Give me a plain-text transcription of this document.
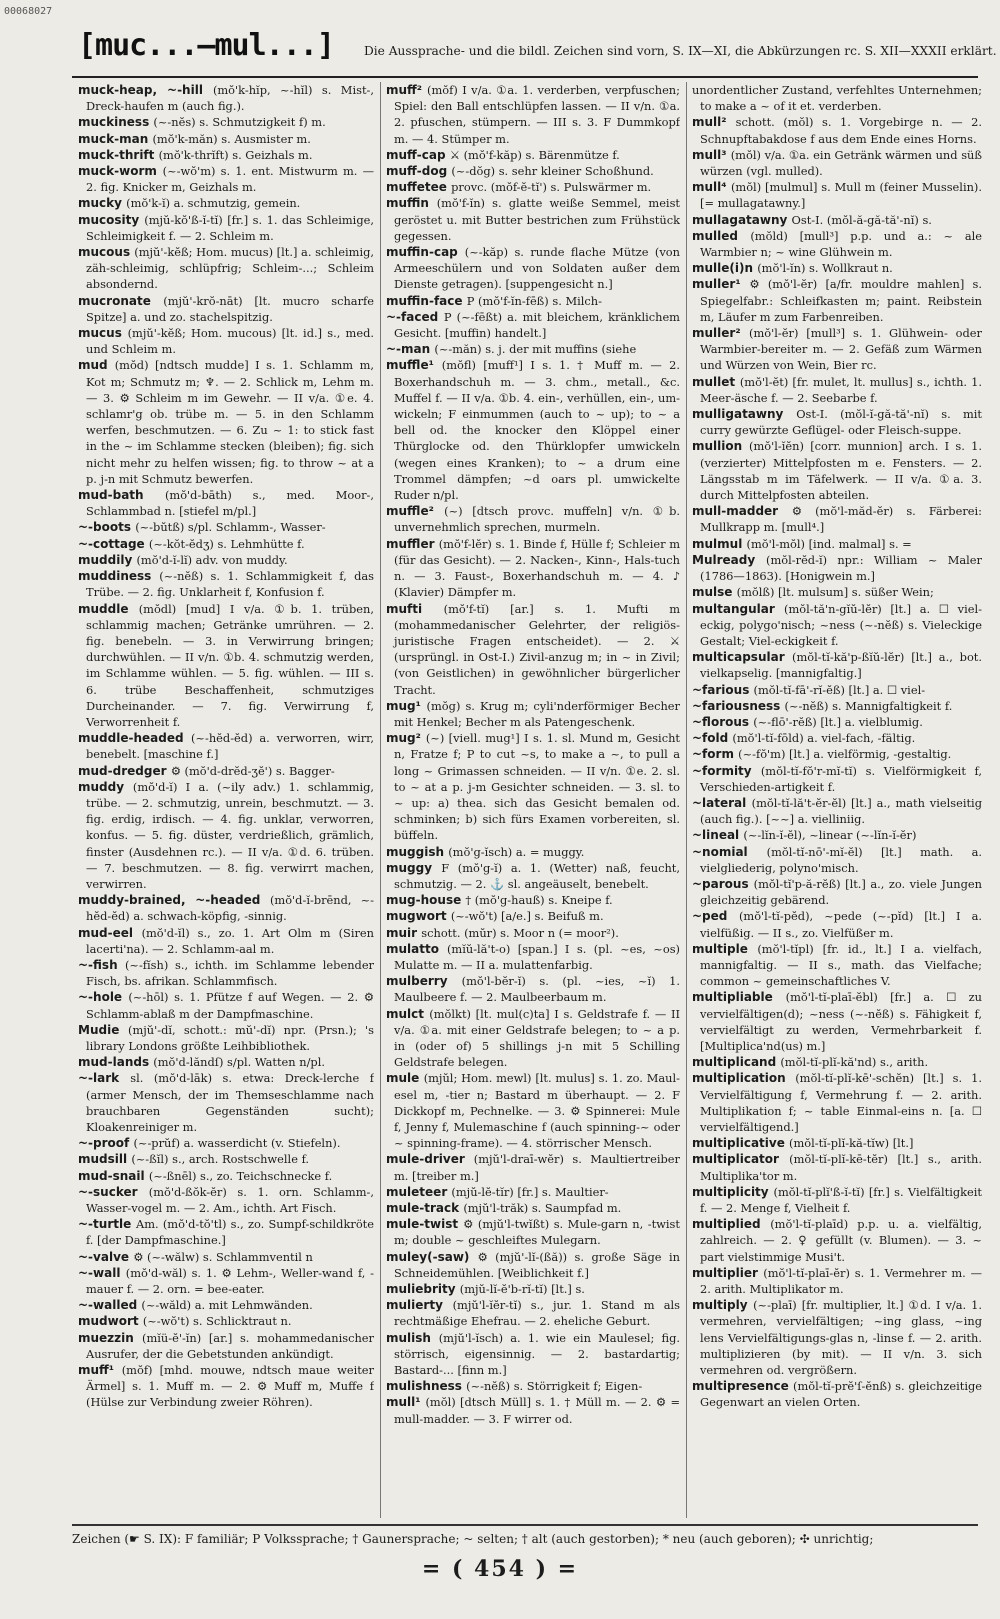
00068027
[muc...—mul...] Die Aussprache- und die bildl. Zeichen sind vorn, S. IX—XI, die Abkürzungen rc. S. XII—XXXII erklärt.

muck-heap, ~-hill (mŏ'k-hĭp, ~-hĭl) s. Mist-, Dreck-haufen m (auch fig.).

muckiness (~-nĕs) s. Schmutzigkeit f) m.

muck-man (mŏ'k-măn) s. Ausmister m.

muck-thrift (mŏ'k-thrĭft) s. Geizhals m.

muck-worm (~-wŏ'm) s. 1. ent. Mistwurm m. — 2. fig. Knicker m, Geizhals m.

mucky (mŏ'k-ĭ) a. schmutzig, gemein.

mucosity (mjŭ-kŏ'ß-ĭ-tĭ) [fr.] s. 1. das Schleimige, Schleimigkeit f. — 2. Schleim m.

mucous (mjŭ'-kĕß; Hom. mucus) [lt.] a. schleimig, zäh-schleimig, schlüpfrig; Schleim-...; Schleim absondernd.

mucronate (mjŭ'-krŏ-nāt) [lt. mucro scharfe Spitze] a. und zo. stachelspitzig.

mucus (mjŭ'-kĕß; Hom. mucous) [lt. id.] s., med. und Schleim m.

mud (mŏd) [ndtsch mudde] I s. 1. Schlamm m, Kot m; Schmutz m; ♆. — 2. Schlick m, Lehm m. — 3. ⚙ Schleim m im Gewehr. — II v/a. ①e. 4. schlamr'g ob. trübe m. — 5. in den Schlamm werfen, beschmutzen. — 6. Zu ~ 1: to stick fast in the ~ im Schlamme stecken (bleiben); fig. sich nicht mehr zu helfen wissen; fig. to throw ~ at a p. j-n mit Schmutz bewerfen.

mud-bath (mŏ'd-bāth) s., med. Moor-, Schlammbad n. [stiefel m/pl.]

~-boots (~-bŭtß) s/pl. Schlamm-, Wasser-

~-cottage (~-kŏt-ĕdʒ) s. Lehmhütte f.

muddily (mŏ'd-ĭ-lĭ) adv. von muddy.

muddiness (~-nĕß) s. 1. Schlammigkeit f, das Trübe. — 2. fig. Unklarheit f, Konfusion f.

muddle (mŏdl) [mud] I v/a. ①b. 1. trüben, schlammig machen; Getränke umrühren. — 2. fig. benebeln. — 3. in Verwirrung bringen; durchwühlen. — II v/n. ①b. 4. schmutzig werden, im Schlamme wühlen. — 5. fig. wühlen. — III s. 6. trübe Beschaffenheit, schmutziges Durcheinander. — 7. fig. Verwirrung f, Verworrenheit f.

muddle-headed (~-hĕd-ĕd) a. verworren, wirr, benebelt. [maschine f.]

mud-dredger ⚙ (mŏ'd-drĕd-ʒĕ') s. Bagger-

muddy (mŏ'd-ĭ) I a. (~ily adv.) 1. schlammig, trübe. — 2. schmutzig, unrein, beschmutzt. — 3. fig. erdig, irdisch. — 4. fig. unklar, verworren, konfus. — 5. fig. düster, verdrießlich, grämlich, finster (Ausdehnen rc.). — II v/a. ①d. 6. trüben. — 7. beschmutzen. — 8. fig. verwirrt machen, verwirren.

muddy-brained, ~-headed (mŏ'd-ĭ-brēnd, ~-hĕd-ĕd) a. schwach-köpfig, -sinnig.

mud-eel (mŏ'd-ĭl) s., zo. 1. Art Olm m (Siren lacerti'na). — 2. Schlamm-aal m.

~-fish (~-fĭsh) s., ichth. im Schlamme lebender Fisch, bs. afrikan. Schlammfisch.

~-hole (~-hōl) s. 1. Pfütze f auf Wegen. — 2. ⚙ Schlamm-ablaß m der Dampfmaschine.

Mudie (mjŭ'-dĭ, schott.: mŭ'-dĭ) npr. (Prsn.); 's library Londons größte Leihbibliothek.

mud-lands (mŏ'd-lăndſ) s/pl. Watten n/pl.

~-lark sl. (mŏ'd-lāk) s. etwa: Dreck-lerche f (armer Mensch, der im Themseschlamme nach brauchbaren Gegenständen sucht); Kloakenreiniger m.

~-proof (~-prŭf) a. wasserdicht (v. Stiefeln).

mudsill (~-ßĭl) s., arch. Rostschwelle f.

mud-snail (~-ßnēl) s., zo. Teichschnecke f.

~-sucker (mŏ'd-ßŏk-ĕr) s. 1. orn. Schlamm-, Wasser-vogel m. — 2. Am., ichth. Art Fisch.

~-turtle Am. (mŏ'd-tŏ'tl) s., zo. Sumpf-schildkröte f. [der Dampfmaschine.]

~-valve ⚙ (~-wălw) s. Schlammventil n

~-wall (mŏ'd-wăl) s. 1. ⚙ Lehm-, Weller-wand f, -mauer f. — 2. orn. = bee-eater.

~-walled (~-wăld) a. mit Lehmwänden.

mudwort (~-wŏ't) s. Schlicktraut n.

muezzin (mĭü-ĕ'-ĭn) [ar.] s. mohammedanischer Ausrufer, der die Gebetstunden ankündigt.

muff¹ (mŏf) [mhd. mouwe, ndtsch maue weiter Ärmel] s. 1. Muff m. — 2. ⚙ Muff m, Muffe f (Hülse zur Verbindung zweier Röhren).

muff² (mŏf) I v/a. ①a. 1. verderben, verpfuschen; Spiel: den Ball entschlüpfen lassen. — II v/n. ①a. 2. pfuschen, stümpern. — III s. 3. F Dummkopf m. — 4. Stümper m.

muff-cap ⚔ (mŏ'f-kăp) s. Bärenmütze f.

muff-dog (~-dŏg) s. sehr kleiner Schoßhund.

muffetee provc. (mŏf-ĕ-tĭ') s. Pulswärmer m.

muffin (mŏ'f-ĭn) s. glatte weiße Semmel, meist geröstet u. mit Butter bestrichen zum Frühstück gegessen.

muffin-cap (~-kăp) s. runde flache Mütze (von Armeeschülern und von Soldaten außer dem Dienste getragen). [suppengesicht n.]

muffin-face P (mŏ'f-ĭn-fēß) s. Milch-

~-faced P (~-fēßt) a. mit bleichem, kränklichem Gesicht. [muffin) handelt.]

~-man (~-măn) s. j. der mit muffins (siehe

muffle¹ (mŏfl) [muff¹] I s. 1. † Muff m. — 2. Boxerhandschuh m. — 3. chm., metall., &c. Muffel f. — II v/a. ①b. 4. ein-, verhüllen, ein-, um-wickeln; F einmummen (auch to ~ up); to ~ a bell od. the knocker den Klöppel einer Thürglocke od. den Thürklopfer umwickeln (wegen eines Kranken); to ~ a drum eine Trommel dämpfen; ~d oars pl. umwickelte Ruder n/pl.

muffle² (~) [dtsch provc. muffeln] v/n. ①b. unvernehmlich sprechen, murmeln.

muffler (mŏ'f-lĕr) s. 1. Binde f, Hülle f; Schleier m (für das Gesicht). — 2. Nacken-, Kinn-, Hals-tuch n. — 3. Faust-, Boxerhandschuh m. — 4. ♪ (Klavier) Dämpfer m.

mufti (mŏ'f-tĭ) [ar.] s. 1. Mufti m (mohammedanischer Gelehrter, der religiös-juristische Fragen entscheidet). — 2. ⚔ (ursprüngl. in Ost-I.) Zivil-anzug m; in ~ in Zivil; (von Geistlichen) in gewöhnlicher bürgerlicher Tracht.

mug¹ (mŏg) s. Krug m; cyli'nderförmiger Becher mit Henkel; Becher m als Patengeschenk.

mug² (~) [viell. mug¹] I s. 1. sl. Mund m, Gesicht n, Fratze f; P to cut ~s, to make a ~, to pull a long ~ Grimassen schneiden. — II v/n. ①e. 2. sl. to ~ at a p. j-m Gesichter schneiden. — 3. sl. to ~ up: a) thea. sich das Gesicht bemalen od. schminken; b) sich fürs Examen vorbereiten, sl. büffeln.

muggish (mŏ'g-ĭsch) a. = muggy.

muggy F (mŏ'g-ĭ) a. 1. (Wetter) naß, feucht, schmutzig. — 2. ⚓ sl. angeäuselt, benebelt.

mug-house † (mŏ'g-hauß) s. Kneipe f.

mugwort (~-wŏ't) [a/e.] s. Beifuß m.

muir schott. (mŭr) s. Moor n (= moor²).

mulatto (mĭŭ-lă't-o) [span.] I s. (pl. ~es, ~os) Mulatte m. — II a. mulattenfarbig.

mulberry (mŏ'l-bĕr-ĭ) s. (pl. ~ies, ~ĭ) 1. Maulbeere f. — 2. Maulbeerbaum m.

mulct (mŏlkt) [lt. mul(c)ta] I s. Geldstrafe f. — II v/a. ①a. mit einer Geldstrafe belegen; to ~ a p. in (oder of) 5 shillings j-n mit 5 Schilling Geldstrafe belegen.

mule (mjŭl; Hom. mewl) [lt. mulus] s. 1. zo. Maul-esel m, -tier n; Bastard m überhaupt. — 2. F Dickkopf m, Pechnelke. — 3. ⚙ Spinnerei: Mule f, Jenny f, Mulemaschine f (auch spinning-~ oder ~ spinning-frame). — 4. störrischer Mensch.

mule-driver (mjŭ'l-draī-wĕr) s. Maultiertreiber m. [treiber m.]

muleteer (mjŭ-lĕ-tĭr) [fr.] s. Maultier-

mule-track (mjŭ'l-trăk) s. Saumpfad m.

mule-twist ⚙ (mjŭ'l-twĭßt) s. Mule-garn n, -twist m; double ~ geschleiftes Mulegarn.

muley(-saw) ⚙ (mjŭ'-lĭ-(ßă)) s. große Säge in Schneidemühlen. [Weiblichkeit f.]

muliebrity (mjŭ-lĭ-ĕ'b-rĭ-tĭ) [lt.] s.

mulierty (mjŭ'l-ĭĕr-tĭ) s., jur. 1. Stand m als rechtmäßige Ehefrau. — 2. eheliche Geburt.

mulish (mjŭ'l-ĭsch) a. 1. wie ein Maulesel; fig. störrisch, eigensinnig. — 2. bastardartig; Bastard-... [finn m.]

mulishness (~-nĕß) s. Störrigkeit f; Eigen-

mull¹ (mŏl) [dtsch Müll] s. 1. † Müll m. — 2. ⚙ = mull-madder. — 3. F wirrer od.

unordentlicher Zustand, verfehltes Unternehmen; to make a ~ of it et. verderben.

mull² schott. (mŏl) s. 1. Vorgebirge n. — 2. Schnupftabakdose f aus dem Ende eines Horns.

mull³ (mŏl) v/a. ①a. ein Getränk wärmen und süß würzen (vgl. mulled).

mull⁴ (mŏl) [mulmul] s. Mull m (feiner Musselin). [= mullagatawny.]

mullagatawny Ost-I. (mŏl-ă-gă-tă'-nĭ) s.

mulled (mŏld) [mull³] p.p. und a.: ~ ale Warmbier n; ~ wine Glühwein m.

mulle(i)n (mŏ'l-ĭn) s. Wollkraut n.

muller¹ ⚙ (mŏ'l-ĕr) [a/fr. mouldre mahlen] s. Spiegelfabr.: Schleifkasten m; paint. Reibstein m, Läufer m zum Farbenreiben.

muller² (mŏ'l-ĕr) [mull³] s. 1. Glühwein- oder Warmbier-bereiter m. — 2. Gefäß zum Wärmen und Würzen von Wein, Bier rc.

mullet (mŏ'l-ĕt) [fr. mulet, lt. mullus] s., ichth. 1. Meer-äsche f. — 2. Seebarbe f.

mulligatawny Ost-I. (mŏl-ĭ-gă-tă'-nĭ) s. mit curry gewürzte Geflügel- oder Fleisch-suppe.

mullion (mŏ'l-ĭĕn) [corr. munnion] arch. I s. 1. (verzierter) Mittelpfosten m e. Fensters. — 2. Längsstab m im Täfelwerk. — II v/a. ①a. 3. durch Mittelpfosten abteilen.

mull-madder ⚙ (mŏ'l-măd-ĕr) s. Färberei: Mullkrapp m. [mull⁴.]

mulmul (mŏ'l-mŏl) [ind. malmal] s. =

Mulready (mŏl-rĕd-ĭ) npr.: William ~ Maler (1786—1863). [Honigwein m.]

mulse (mŏlß) [lt. mulsum] s. süßer Wein;

multangular (mŏl-tă'n-gĭŭ-lĕr) [lt.] a. ☐ viel-eckig, polygo'nisch; ~ness (~-nĕß) s. Vieleckige Gestalt; Viel-eckigkeit f.

multicapsular (mŏl-tĭ-kă'p-ßĭŭ-lĕr) [lt.] a., bot. vielkapselig. [mannigfaltig.]

~farious (mŏl-tĭ-fā'-rĭ-ĕß) [lt.] a. ☐ viel-

~fariousness (~-nĕß) s. Mannigfaltigkeit f.

~florous (~-flō'-rĕß) [lt.] a. vielblumig.

~fold (mŏ'l-tĭ-fōld) a. viel-fach, -fältig.

~form (~-fŏ'm) [lt.] a. vielförmig, -gestaltig.

~formity (mŏl-tĭ-fŏ'r-mĭ-tĭ) s. Vielförmigkeit f, Verschieden-artigkeit f.

~lateral (mŏl-tĭ-lă't-ĕr-ĕl) [lt.] a., math vielseitig (auch fig.). [~~] a. vielliniig.

~lineal (~-lĭn-ĭ-ĕl), ~linear (~-lĭn-ĭ-ĕr)

~nomial (mŏl-tĭ-nō'-mĭ-ĕl) [lt.] math. a. vielgliederig, polyno'misch.

~parous (mŏl-tĭ'p-ă-rĕß) [lt.] a., zo. viele Jungen gleichzeitig gebärend.

~ped (mŏ'l-tĭ-pĕd), ~pede (~-pĭd) [lt.] I a. vielfüßig. — II s., zo. Vielfüßer m.

multiple (mŏ'l-tĭpl) [fr. id., lt.] I a. vielfach, mannigfaltig. — II s., math. das Vielfache; common ~ gemeinschaftliches V.

multipliable (mŏ'l-tĭ-plaī-ĕbl) [fr.] a. ☐ zu vervielfältigen(d); ~ness (~-nĕß) s. Fähigkeit f, vervielfältigt zu werden, Vermehrbarkeit f. [Multiplica'nd(us) m.]

multiplicand (mŏl-tĭ-plĭ-kă'nd) s., arith.

multiplication (mŏl-tĭ-plĭ-kē'-schĕn) [lt.] s. 1. Vervielfältigung f, Vermehrung f. — 2. arith. Multiplikation f; ~ table Einmal-eins n. [a. ☐ vervielfältigend.]

multiplicative (mŏl-tĭ-plĭ-kă-tĭw) [lt.]

multiplicator (mŏl-tĭ-plĭ-kē-tĕr) [lt.] s., arith. Multiplika'tor m.

multiplicity (mŏl-tĭ-plĭ'ß-ĭ-tĭ) [fr.] s. Vielfältigkeit f. — 2. Menge f, Vielheit f.

multiplied (mŏ'l-tĭ-plaīd) p.p. u. a. vielfältig, zahlreich. — 2. ♀ gefüllt (v. Blumen). — 3. ~ part vielstimmige Musi't.

multiplier (mŏ'l-tĭ-plaī-ĕr) s. 1. Vermehrer m. — 2. arith. Multiplikator m.

multiply (~-plaī) [fr. multiplier, lt.] ①d. I v/a. 1. vermehren, vervielfältigen; ~ing glass, ~ing lens Vervielfältigungs-glas n, -linse f. — 2. arith. multiplizieren (by mit). — II v/n. 3. sich vermehren od. vergrößern.

multipresence (mŏl-tĭ-prĕ'ſ-ĕnß) s. gleichzeitige Gegenwart an vielen Orten.

Zeichen (☛ S. IX): F familiär; P Volkssprache; † Gaunersprache; ~ selten; † alt (auch gestorben); * neu (auch geboren); ✣ unrichtig;
= ( 454 ) =
